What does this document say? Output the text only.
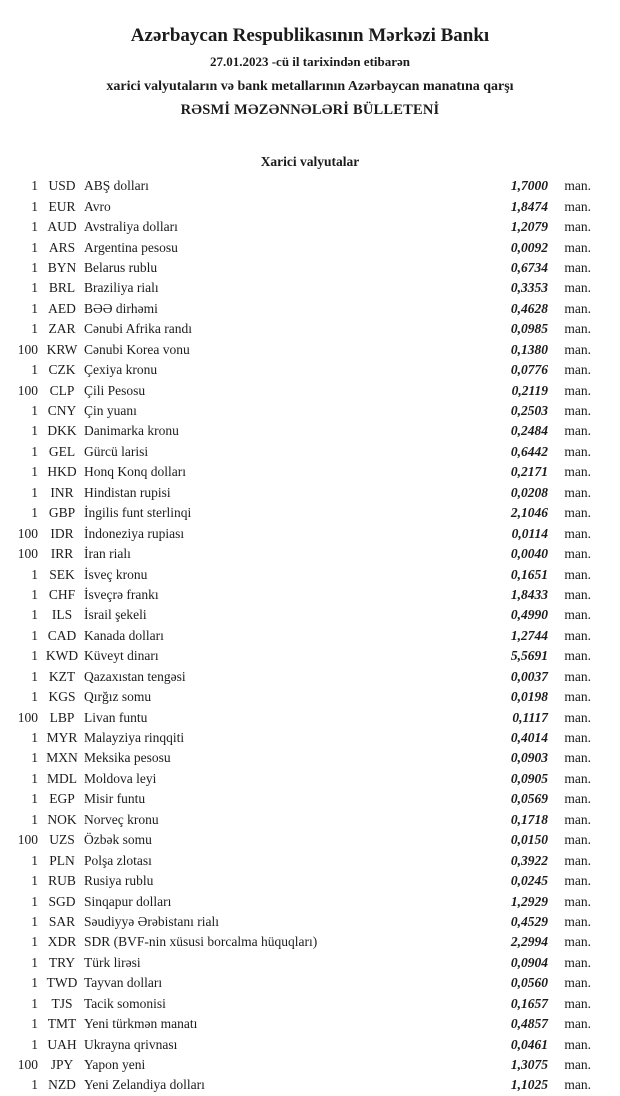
Azərbaycan Respublikasının Mərkəzi Bankı
27.01.2023 -cü il tarixindən etibarən
xarici valyutaların və bank metallarının Azərbaycan manatına qarşı
RƏSMİ MƏZƏNNƏLƏRİ BÜLLETENİ
Xarici valyutalar
1 USD ABŞ dolları	1,7000	man.
1 EUR Avro	1,8474	man.
1 AUD Avstraliya dolları	1,2079	man.
1 ARS Argentina pesosu	0,0092	man.
1 BYN Belarus rublu	0,6734	man.
1 BRL Braziliya rialı	0,3353	man.
1 AED BƏƏ dirhəmi	0,4628	man.
1 ZAR Cənubi Afrika randı	0,0985	man.
100 KRW Cənubi Korea vonu	0,1380	man.
1 CZK Çexiya kronu	0,0776	man.
100 CLP Çili Pesosu	0,2119	man.
1 CNY Çin yuanı	0,2503	man.
1 DKK Danimarka kronu	0,2484	man.
1 GEL Gürcü larisi	0,6442	man.
1 HKD Honq Konq dolları	0,2171	man.
1 INR Hindistan rupisi	0,0208	man.
1 GBP İngilis funt sterlinqi	2,1046	man.
100 IDR İndoneziya rupiası	0,0114	man.
100 IRR İran rialı	0,0040	man.
1 SEK İsveç kronu	0,1651	man.
1 CHF İsveçrə frankı	1,8433	man.
1	ILS İsrail şekeli	0,4990	man.
1 CAD Kanada dolları	1,2744	man.
1 KWD Küveyt dinarı	5,5691	man.
1 KZT Qazaxıstan tengəsi	0,0037	man.
1 KGS Qırğız somu	0,0198	man.
100 LBP Livan funtu	0,1117	man.
1 MYR Malayziya rinqqiti	0,4014	man.
1 MXN Meksika pesosu	0,0903	man.
1 MDL Moldova leyi	0,0905	man.
1 EGP Misir funtu	0,0569	man.
1 NOK Norveç kronu	0,1718	man.
100 UZS Özbək somu	0,0150	man.
1 PLN Polşa zlotası	0,3922	man.
1 RUB Rusiya rublu	0,0245	man.
1 SGD Sinqapur dolları	1,2929	man.
1 SAR Səudiyyə Ərəbistanı rialı	0,4529	man.
1 XDR SDR (BVF-nin xüsusi borcalma hüquqları)	2,2994	man.
1 TRY Türk lirəsi	0,0904	man.
1 TWD Tayvan dolları	0,0560	man.
1 TJS Tacik somonisi	0,1657	man.
1 TMT Yeni türkmən manatı	0,4857	man.
1 UAH Ukrayna qrivnası	0,0461	man.
100 JPY Yapon yeni	1,3075	man.
1 NZD Yeni Zelandiya dolları	1,1025	man.
